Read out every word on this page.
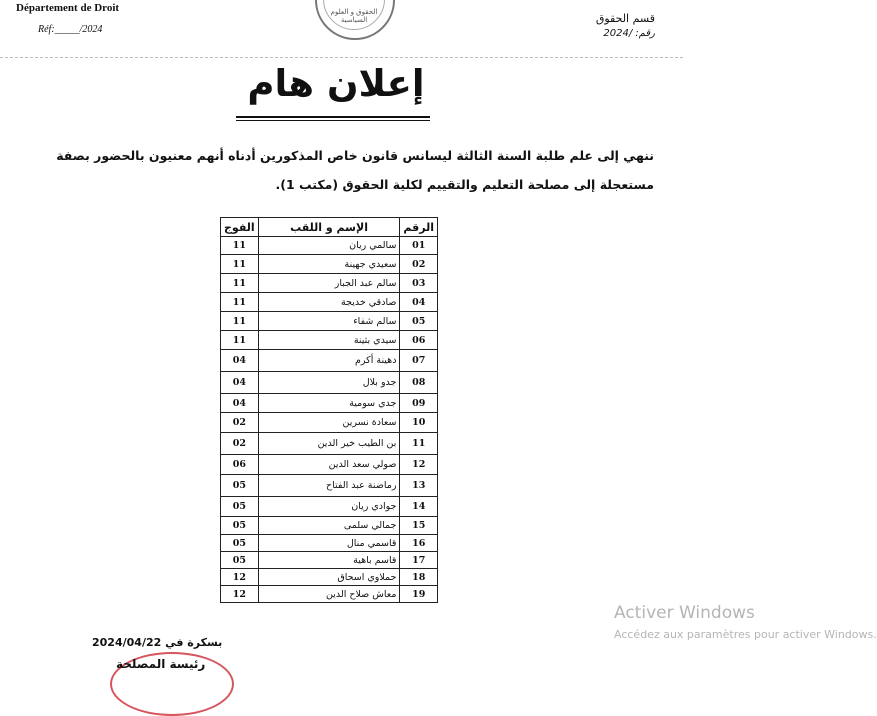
Département de Droit
Réf:_____/2024
الحقوق و العلوم السياسية	قسم الحقوق
رقم: /2024
إعلان هام
ننهي إلى علم طلبة السنة الثالثة ليسانس قانون خاص المذكورين أدناه أنهم معنيون بالحضور بصفة مستعجلة إلى مصلحة التعليم والتقييم لكلية الحقوق (مكتب 1).
الرقم	الإسم و اللقب	الفوج
01	سالمي ريان	11
02	سعيدي جهينة	11
03	سالم عبد الجبار	11
04	صادقي خديجة	11
05	سالم شفاء	11
06	سيدي بثينة	11
07	دهينة أكرم	04
08	جدو بلال	04
09	جدي سومية	04
10	سعادة نسرين	02
11	بن الطيب خير الدين	02
12	صولي سعد الدين	06
13	رماضنة عبد الفتاح	05
14	جوادي ريان	05
15	جمالي سلمى	05
16	قاسمي منال	05
17	قاسم باهية	05
18	حملاوي اسحاق	12
19	معاش صلاح الدين	12
بسكرة في 2024/04/22
رئيسة المصلحة
Activer Windows
Accédez aux paramètres pour activer Windows.
